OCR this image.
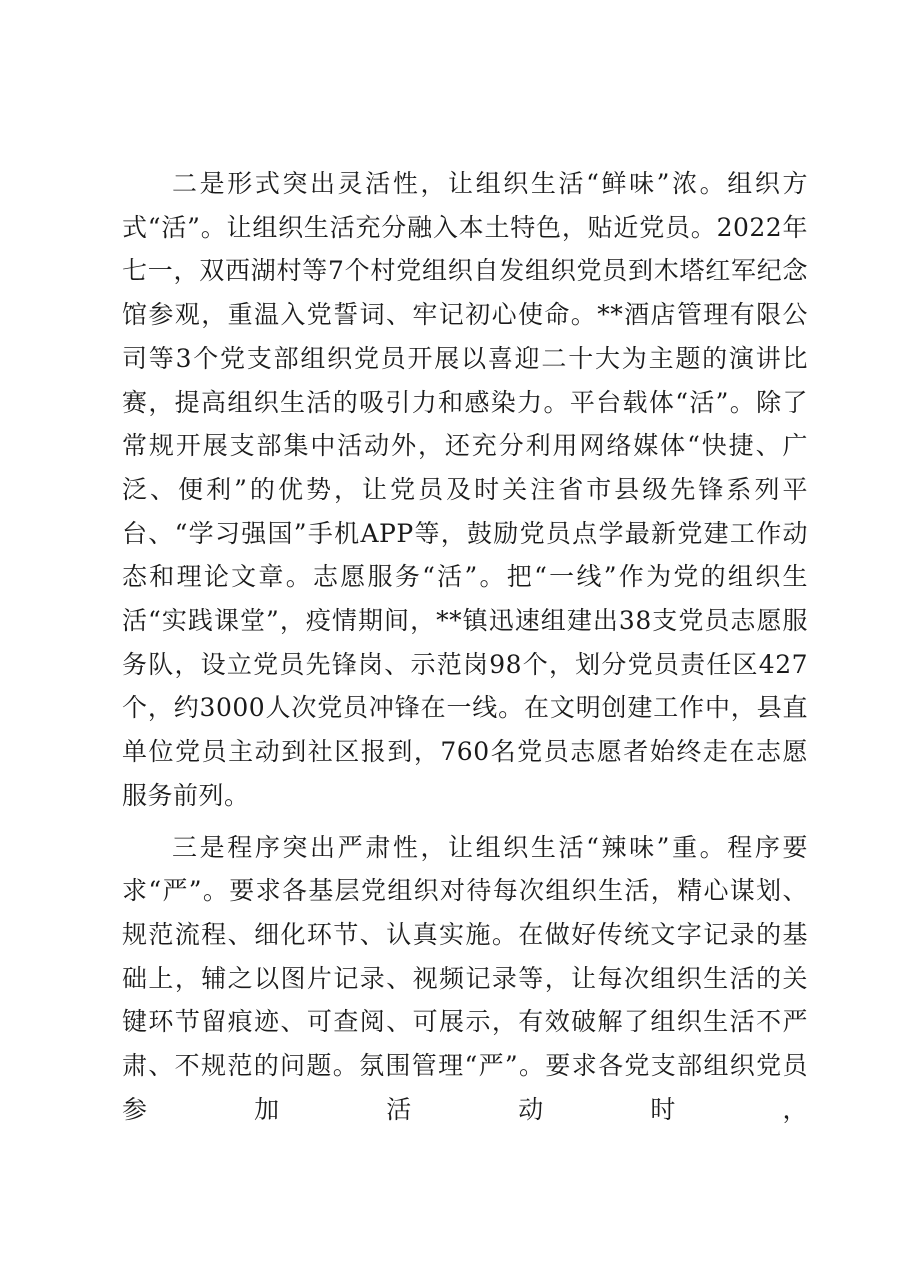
二是形式突出灵活性，让组织生活“鲜味”浓。组织方式“活”。让组织生活充分融入本土特色，贴近党员。2022年七一，双西湖村等7个村党组织自发组织党员到木塔红军纪念馆参观，重温入党誓词、牢记初心使命。**酒店管理有限公司等3个党支部组织党员开展以喜迎二十大为主题的演讲比赛，提高组织生活的吸引力和感染力。平台载体“活”。除了常规开展支部集中活动外，还充分利用网络媒体“快捷、广泛、便利”的优势，让党员及时关注省市县级先锋系列平台、“学习强国”手机APP等，鼓励党员点学最新党建工作动态和理论文章。志愿服务“活”。把“一线”作为党的组织生活“实践课堂”，疫情期间，**镇迅速组建出38支党员志愿服务队，设立党员先锋岗、示范岗98个，划分党员责任区427个，约3000人次党员冲锋在一线。在文明创建工作中，县直单位党员主动到社区报到，760名党员志愿者始终走在志愿服务前列。

三是程序突出严肃性，让组织生活“辣味”重。程序要求“严”。要求各基层党组织对待每次组织生活，精心谋划、规范流程、细化环节、认真实施。在做好传统文字记录的基础上，辅之以图片记录、视频记录等，让每次组织生活的关键环节留痕迹、可查阅、可展示，有效破解了组织生活不严肃、不规范的问题。氛围管理“严”。要求各党支部组织党员参加活动时，
